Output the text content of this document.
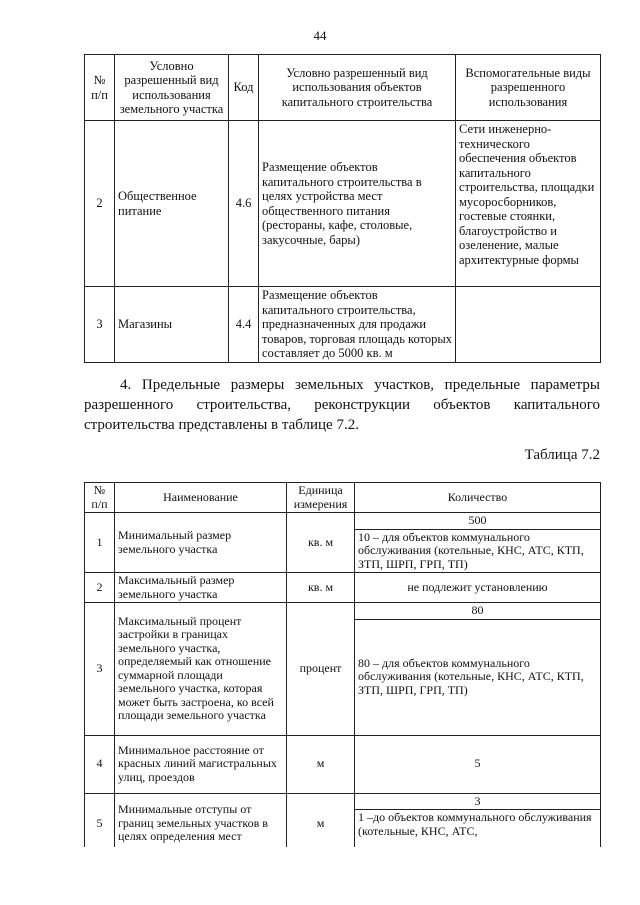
44
№ п/п	Условно разрешенный вид использования земельного участка	Код	Условно разрешенный вид использования объектов капитального строительства	Вспомогательные виды разрешенного использования
2	Общественное питание	4.6	Размещение объектов капитального строительства в целях устройства мест общественного питания (рестораны, кафе, столовые, закусочные, бары)	Сети инженерно-технического обеспечения объектов капитального строительства, площадки мусоросборников, гостевые стоянки, благоустройство и озеленение, малые архитектурные формы
3	Магазины	4.4	Размещение объектов капитального строительства, предназначенных для продажи товаров, торговая площадь которых составляет до 5000 кв. м	
4. Предельные размеры земельных участков, предельные параметры разрешенного строительства, реконструкции объектов капитального строительства представлены в таблице 7.2.
Таблица 7.2
№ п/п	Наименование	Единица измерения	Количество
1	Минимальный размер земельного участка	кв. м	500
			10 – для объектов коммунального обслуживания (котельные, КНС, АТС, КТП, ЗТП, ШРП, ГРП, ТП)
2	Максимальный размер земельного участка	кв. м	не подлежит установлению
3	Максимальный процент застройки в границах земельного участка, определяемый как отношение суммарной площади земельного участка, которая может быть застроена, ко всей площади земельного участка	процент	80
			80 – для объектов коммунального обслуживания (котельные, КНС, АТС, КТП, ЗТП, ШРП, ГРП, ТП)
4	Минимальное расстояние от красных линий магистральных улиц, проездов	м	5
5	Минимальные отступы от границ земельных участков в целях определения мест	м	3
			1 –до объектов коммунального обслуживания (котельные, КНС, АТС,
